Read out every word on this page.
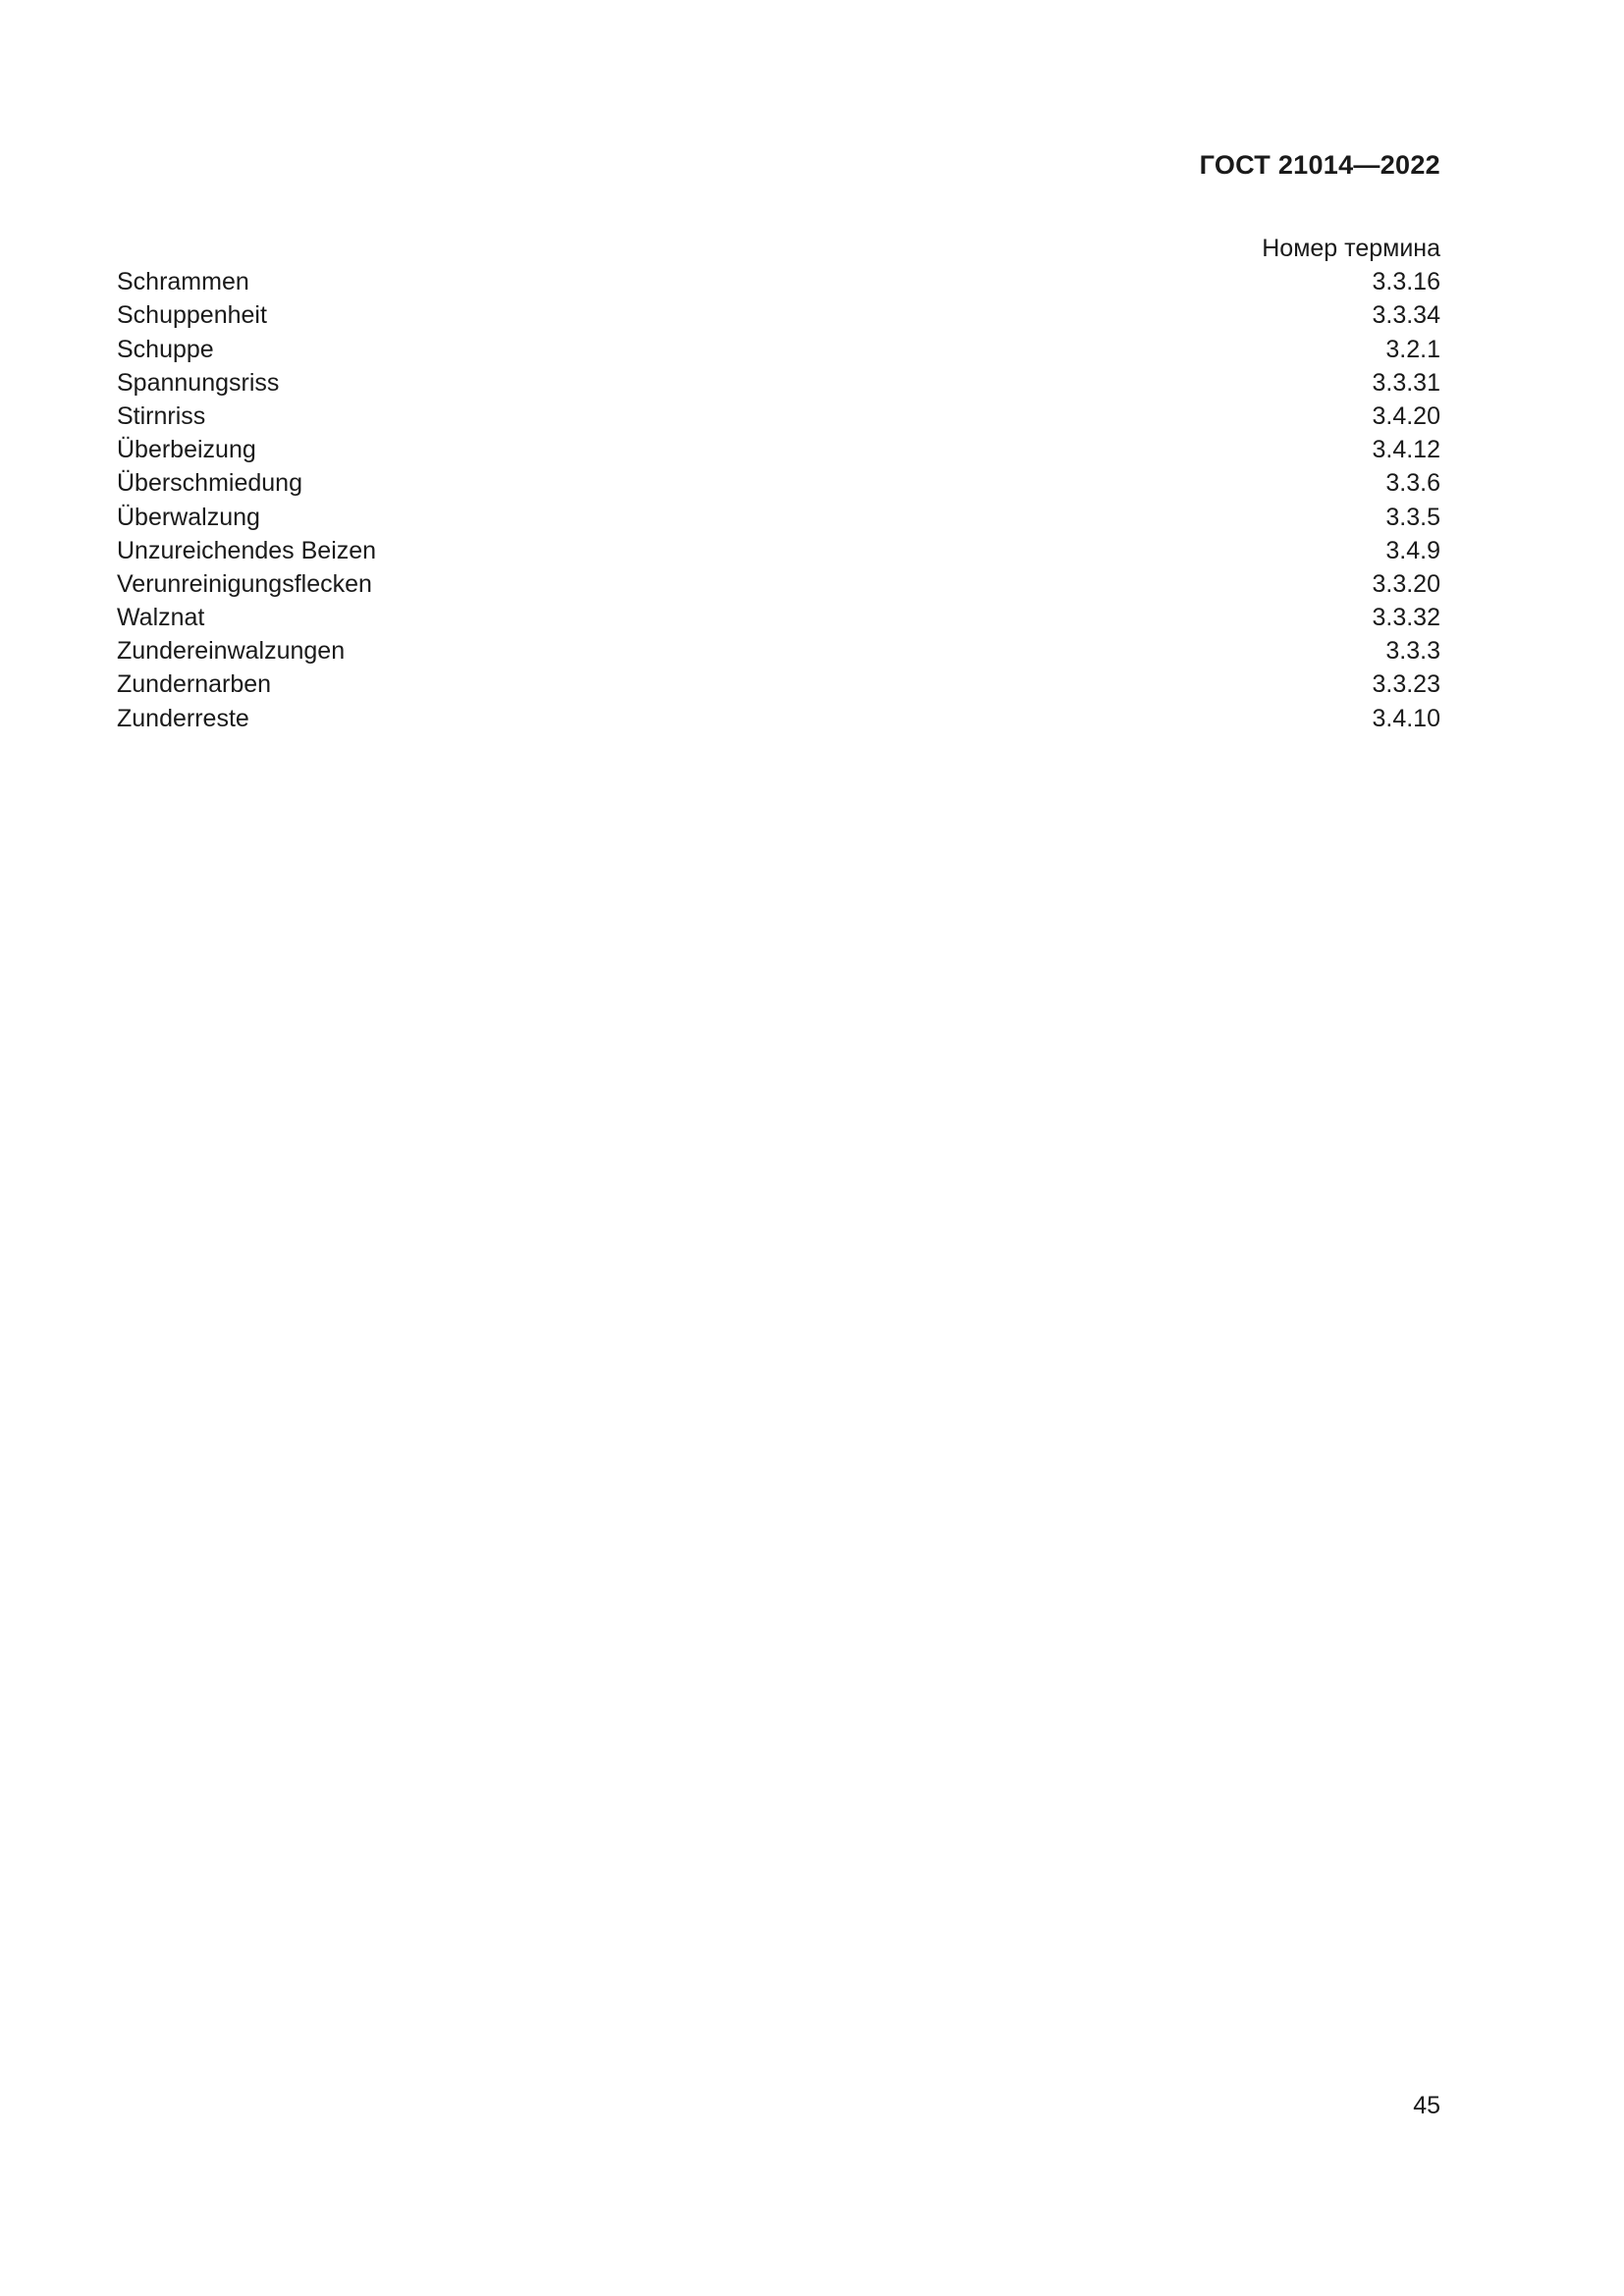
ГОСТ 21014—2022
Номер термина
Schrammen	3.3.16
Schuppenheit	3.3.34
Schuppe	3.2.1
Spannungsriss	3.3.31
Stirnriss	3.4.20
Überbeizung	3.4.12
Überschmiedung	3.3.6
Überwalzung	3.3.5
Unzureichendes Beizen	3.4.9
Verunreinigungsflecken	3.3.20
Walznat	3.3.32
Zundereinwalzungen	3.3.3
Zundernarben	3.3.23
Zunderreste	3.4.10
45
